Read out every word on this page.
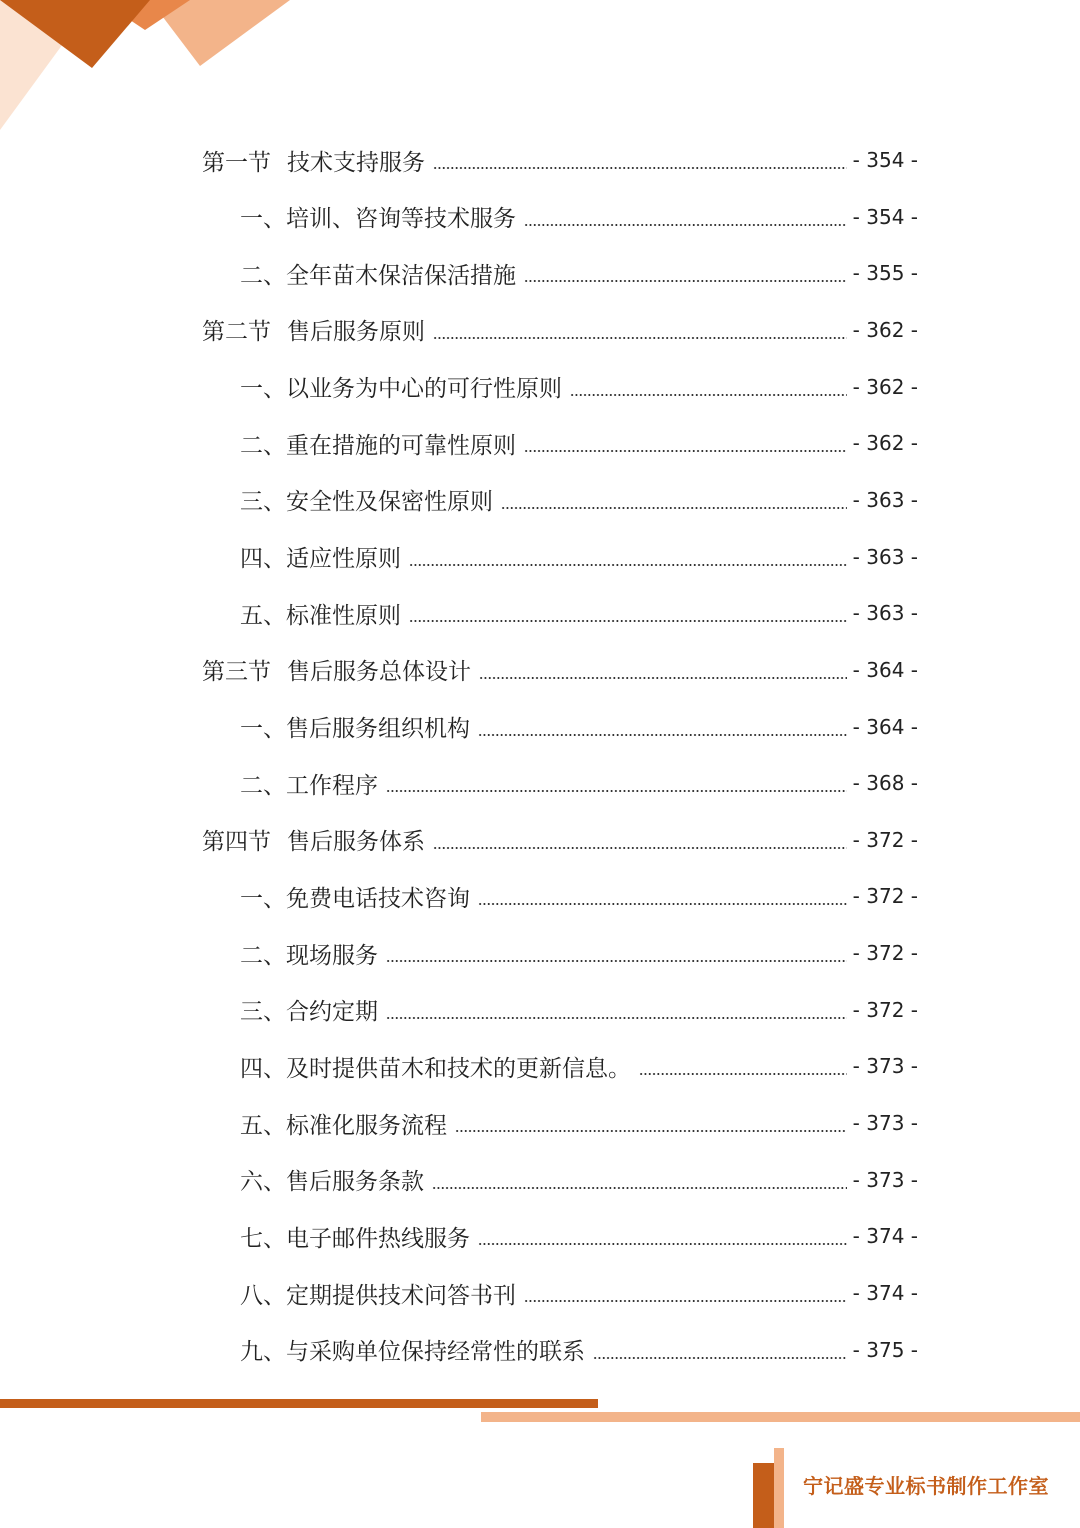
第一节 技术支持服务	- 354 -
一、 培训、咨询等技术服务	- 354 -
二、 全年苗木保洁保活措施	- 355 -
第二节 售后服务原则	- 362 -
一、 以业务为中心的可行性原则	- 362 -
二、 重在措施的可靠性原则	- 362 -
三、 安全性及保密性原则	- 363 -
四、 适应性原则	- 363 -
五、 标准性原则	- 363 -
第三节 售后服务总体设计	- 364 -
一、 售后服务组织机构	- 364 -
二、 工作程序	- 368 -
第四节 售后服务体系	- 372 -
一、 免费电话技术咨询	- 372 -
二、 现场服务	- 372 -
三、 合约定期	- 372 -
四、 及时提供苗木和技术的更新信息。	- 373 -
五、 标准化服务流程	- 373 -
六、 售后服务条款	- 373 -
七、 电子邮件热线服务	- 374 -
八、 定期提供技术问答书刊	- 374 -
九、 与采购单位保持经常性的联系	- 375 -
宁记盛专业标书制作工作室
